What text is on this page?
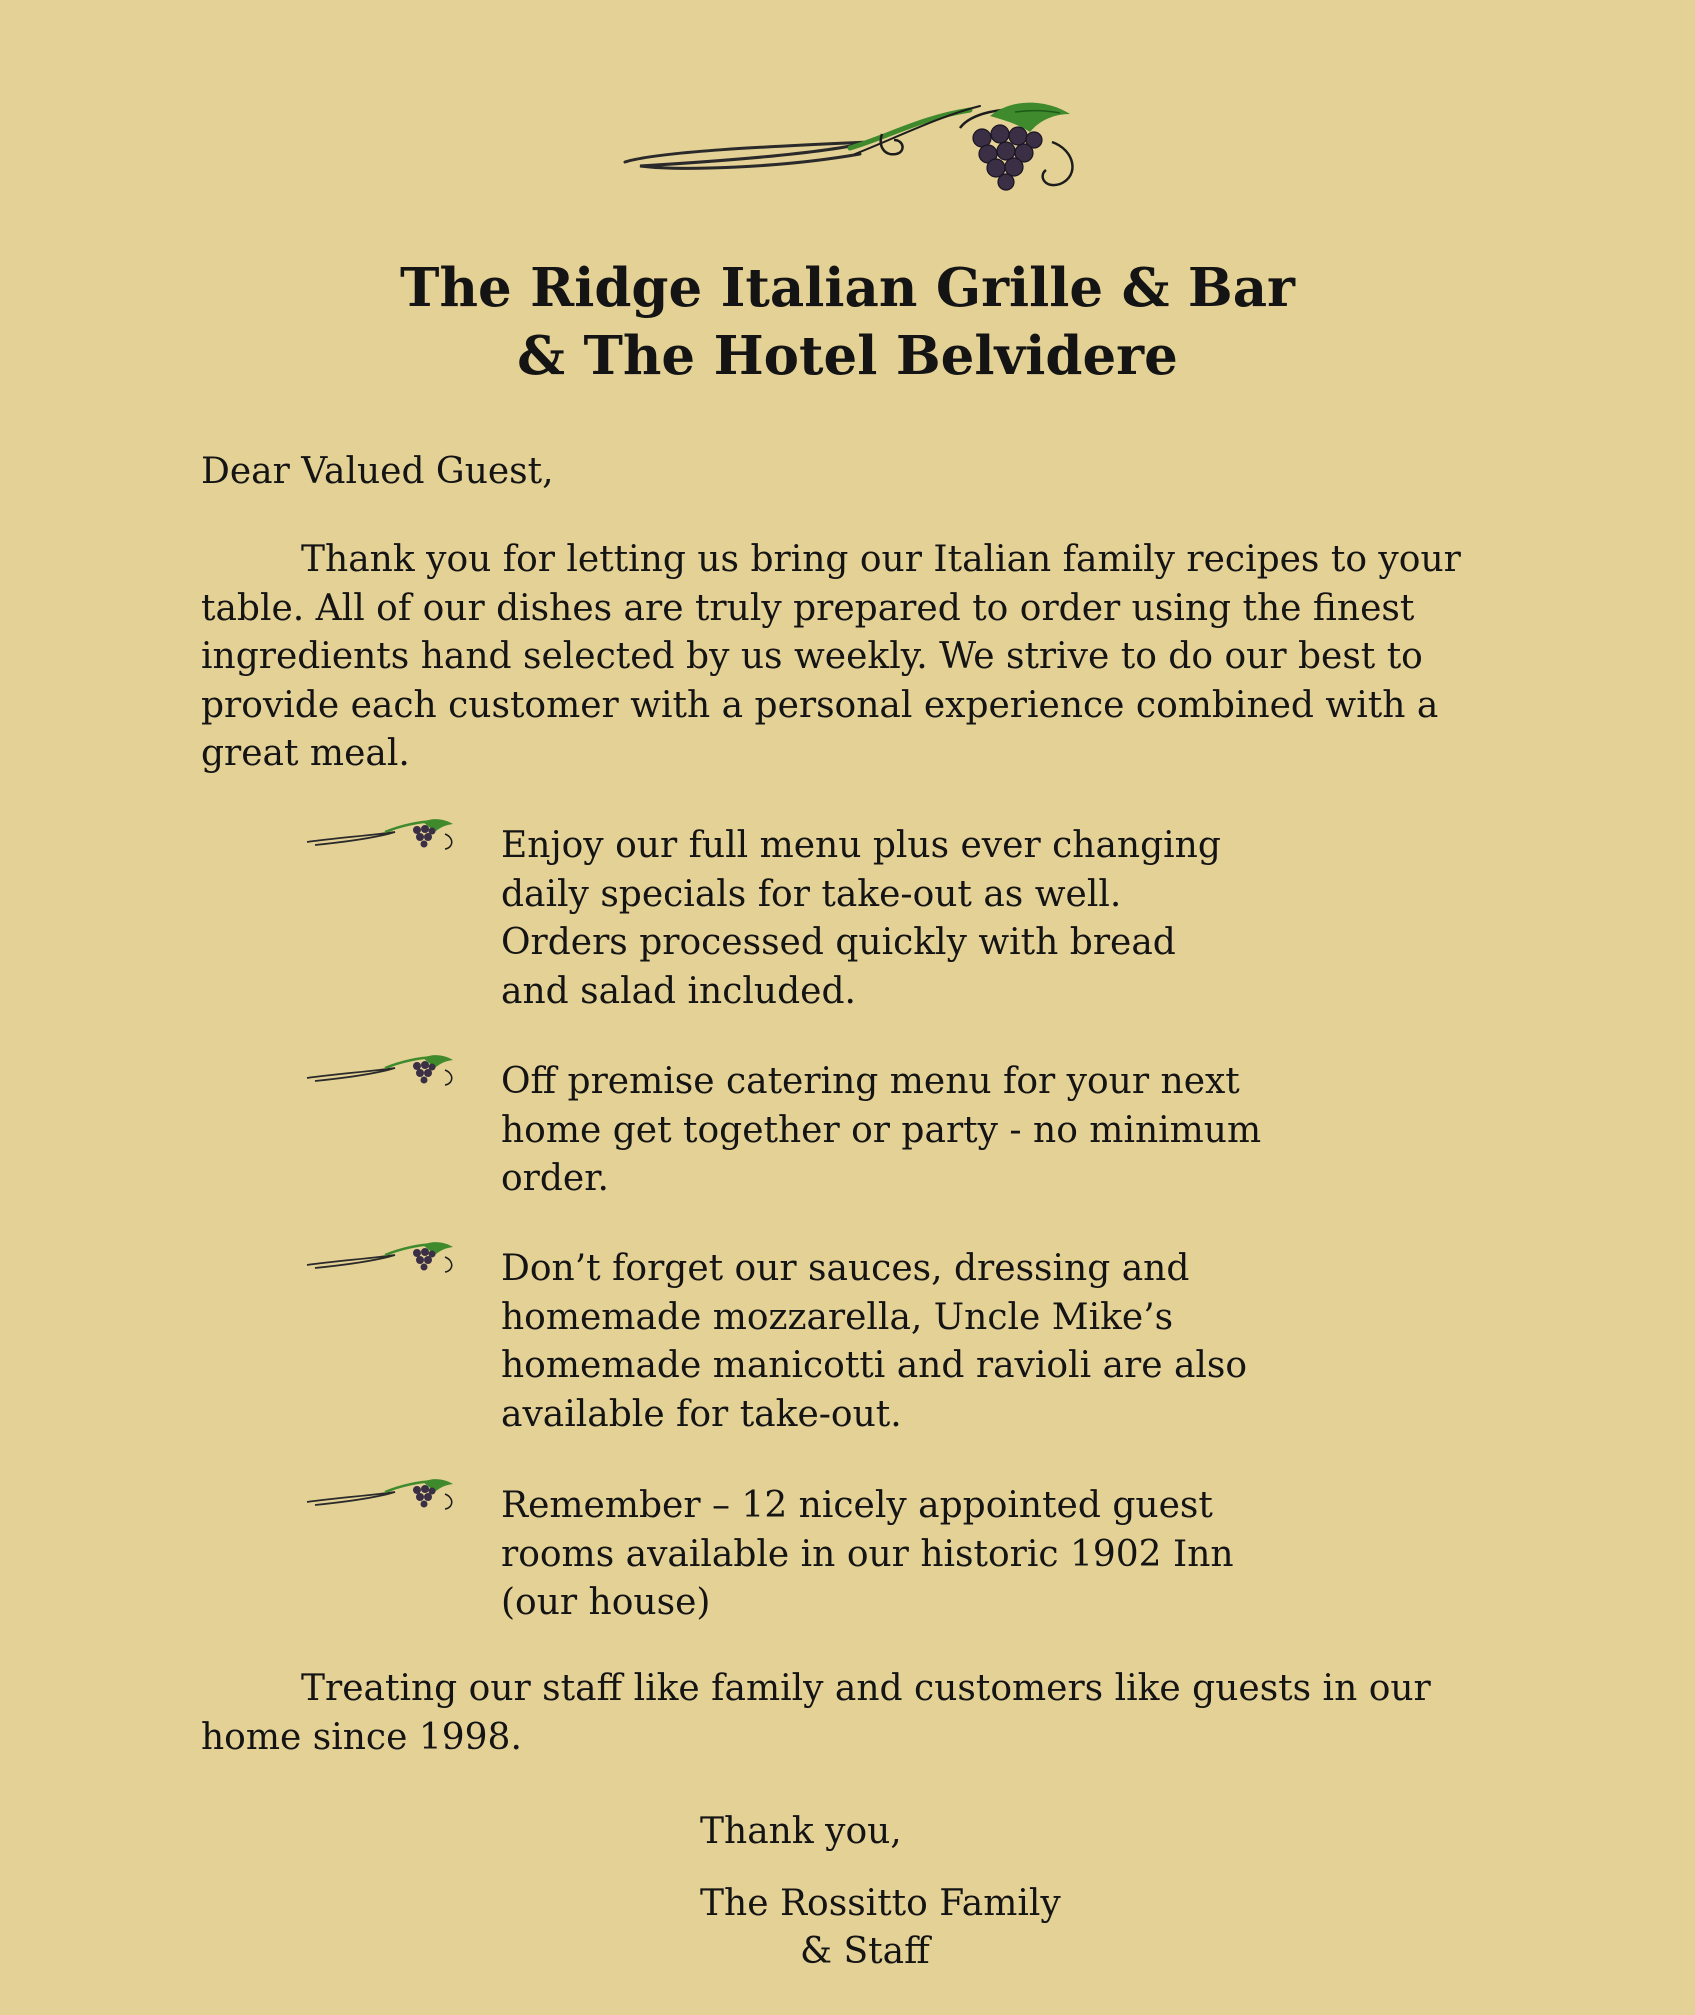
The Ridge Italian Grille & Bar
& The Hotel Belvidere
Dear Valued Guest,
Thank you for letting us bring our Italian family recipes to your table. All of our dishes are truly prepared to order using the finest ingredients hand selected by us weekly. We strive to do our best to provide each customer with a personal experience combined with a great meal.
Enjoy our full menu plus ever changing
daily specials for take-out as well.
Orders processed quickly with bread
and salad included.
Off premise catering menu for your next
home get together or party - no minimum
order.
Don’t forget our sauces, dressing and
homemade mozzarella, Uncle Mike’s
homemade manicotti and ravioli are also
available for take-out.
Remember – 12 nicely appointed guest
rooms available in our historic 1902 Inn
(our house)
Treating our staff like family and customers like guests in our home since 1998.
Thank you,
The Rossitto Family
& Staff
